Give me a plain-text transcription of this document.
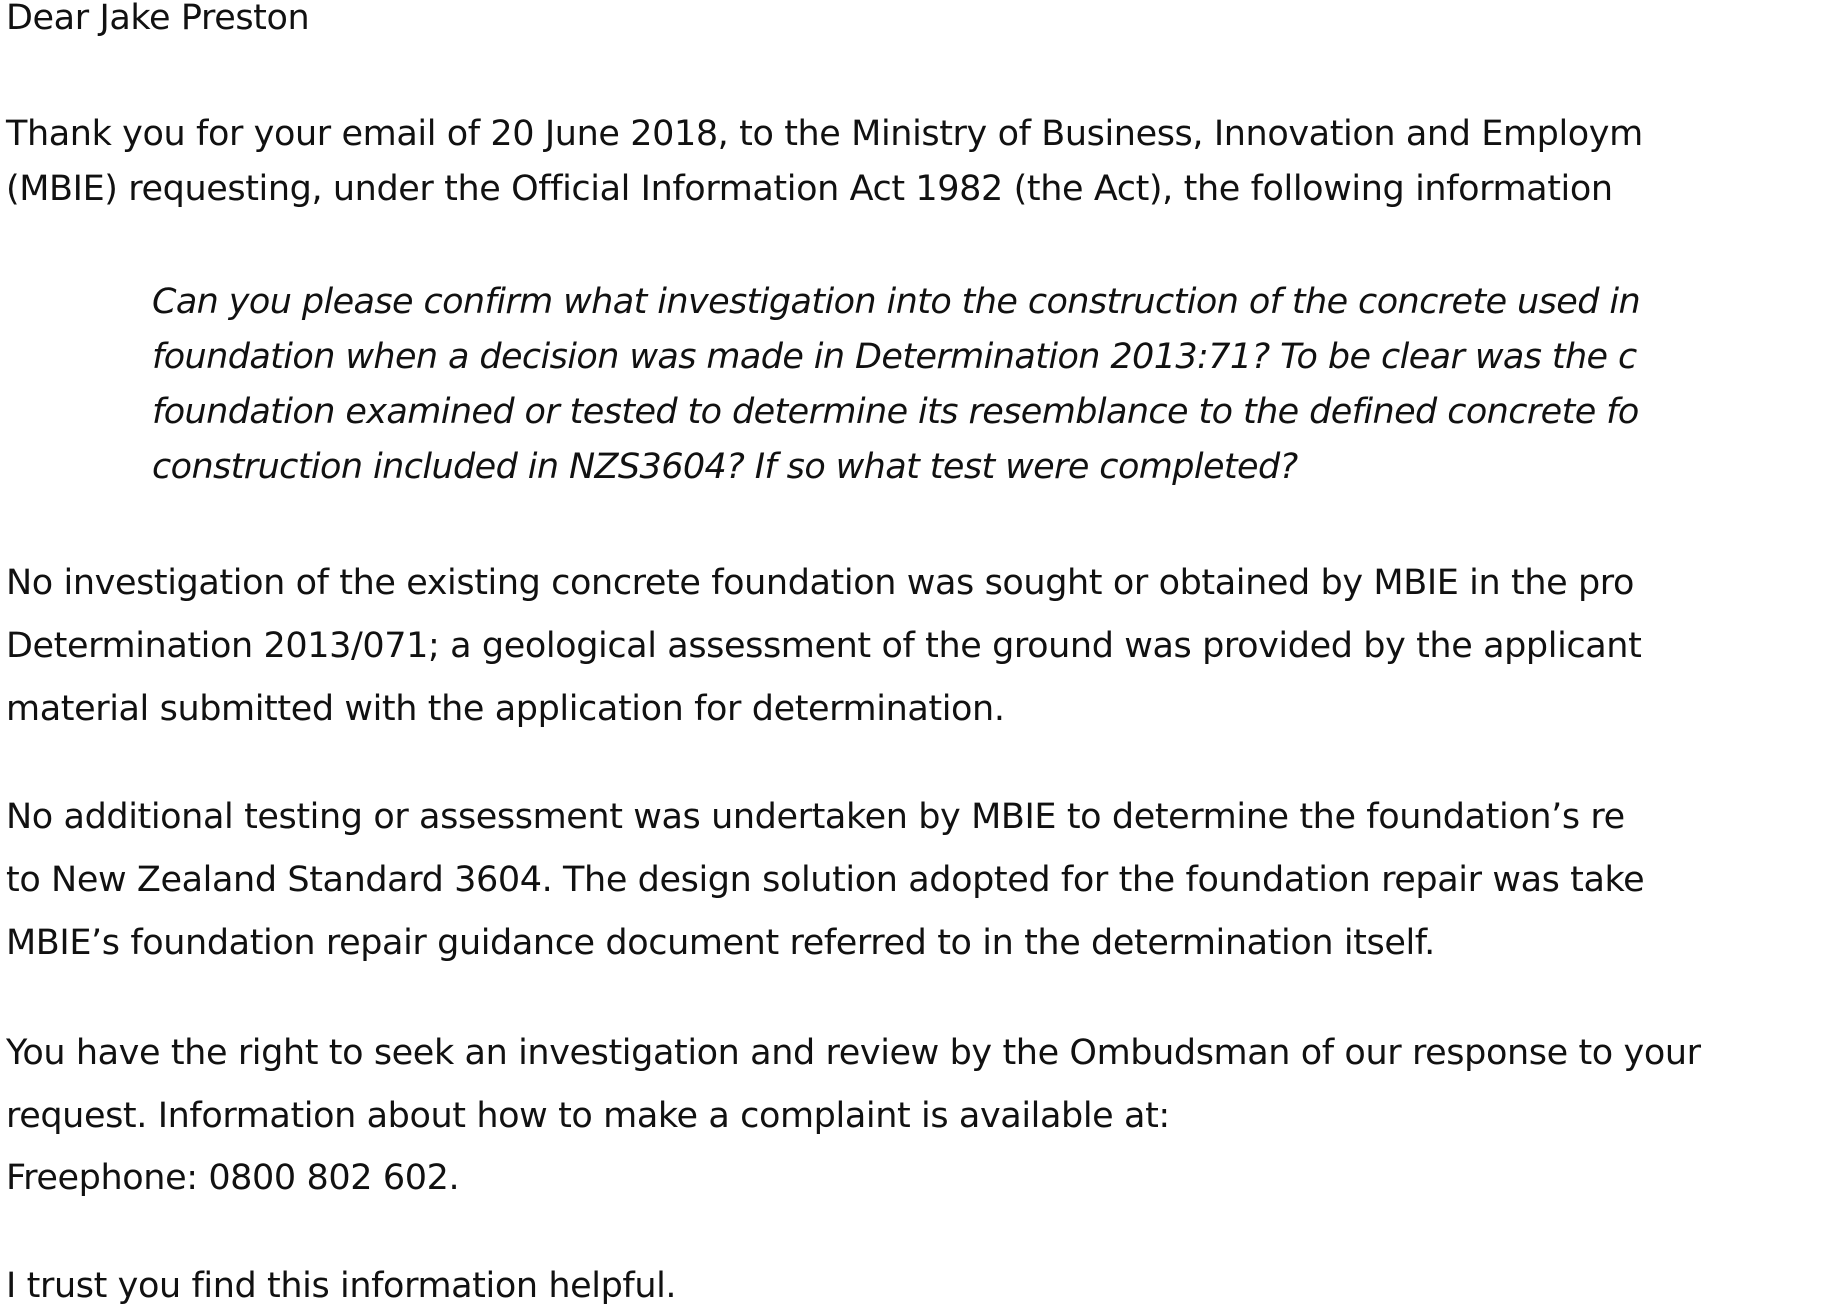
Dear Jake Preston
Thank you for your email of 20 June 2018, to the Ministry of Business, Innovation and Employm
(MBIE) requesting, under the Official Information Act 1982 (the Act), the following information
Can you please confirm what investigation into the construction of the concrete used in
foundation when a decision was made in Determination 2013:71? To be clear was the c
foundation examined or tested to determine its resemblance to the defined concrete fo
construction included in NZS3604? If so what test were completed?
No investigation of the existing concrete foundation was sought or obtained by MBIE in the pro
Determination 2013/071; a geological assessment of the ground was provided by the applicant
material submitted with the application for determination.
No additional testing or assessment was undertaken by MBIE to determine the foundation’s re
to New Zealand Standard 3604. The design solution adopted for the foundation repair was take
MBIE’s foundation repair guidance document referred to in the determination itself.
You have the right to seek an investigation and review by the Ombudsman of our response to your
request. Information about how to make a complaint is available at:
Freephone: 0800 802 602.
I trust you find this information helpful.
